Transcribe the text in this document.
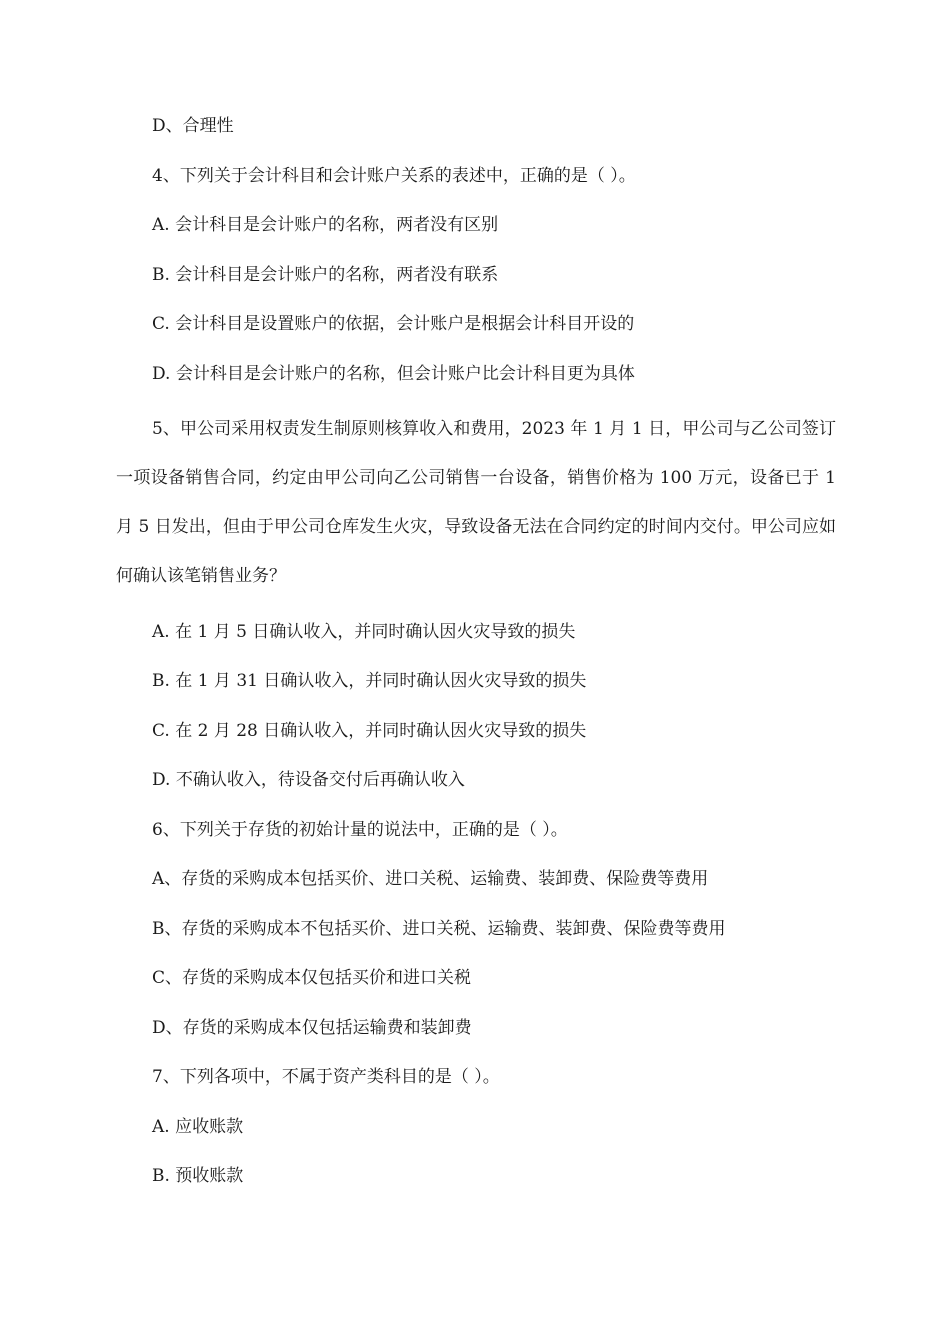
D、合理性
4、下列关于会计科目和会计账户关系的表述中，正确的是（ ）。
A. 会计科目是会计账户的名称，两者没有区别
B. 会计科目是会计账户的名称，两者没有联系
C. 会计科目是设置账户的依据，会计账户是根据会计科目开设的
D. 会计科目是会计账户的名称，但会计账户比会计科目更为具体
5、甲公司采用权责发生制原则核算收入和费用，2023 年 1 月 1 日，甲公司与乙公司签订一项设备销售合同，约定由甲公司向乙公司销售一台设备，销售价格为 100 万元，设备已于 1 月 5 日发出，但由于甲公司仓库发生火灾，导致设备无法在合同约定的时间内交付。甲公司应如何确认该笔销售业务？
A. 在 1 月 5 日确认收入，并同时确认因火灾导致的损失
B. 在 1 月 31 日确认收入，并同时确认因火灾导致的损失
C. 在 2 月 28 日确认收入，并同时确认因火灾导致的损失
D. 不确认收入，待设备交付后再确认收入
6、下列关于存货的初始计量的说法中，正确的是（ ）。
A、存货的采购成本包括买价、进口关税、运输费、装卸费、保险费等费用
B、存货的采购成本不包括买价、进口关税、运输费、装卸费、保险费等费用
C、存货的采购成本仅包括买价和进口关税
D、存货的采购成本仅包括运输费和装卸费
7、下列各项中，不属于资产类科目的是（ ）。
A. 应收账款
B. 预收账款
